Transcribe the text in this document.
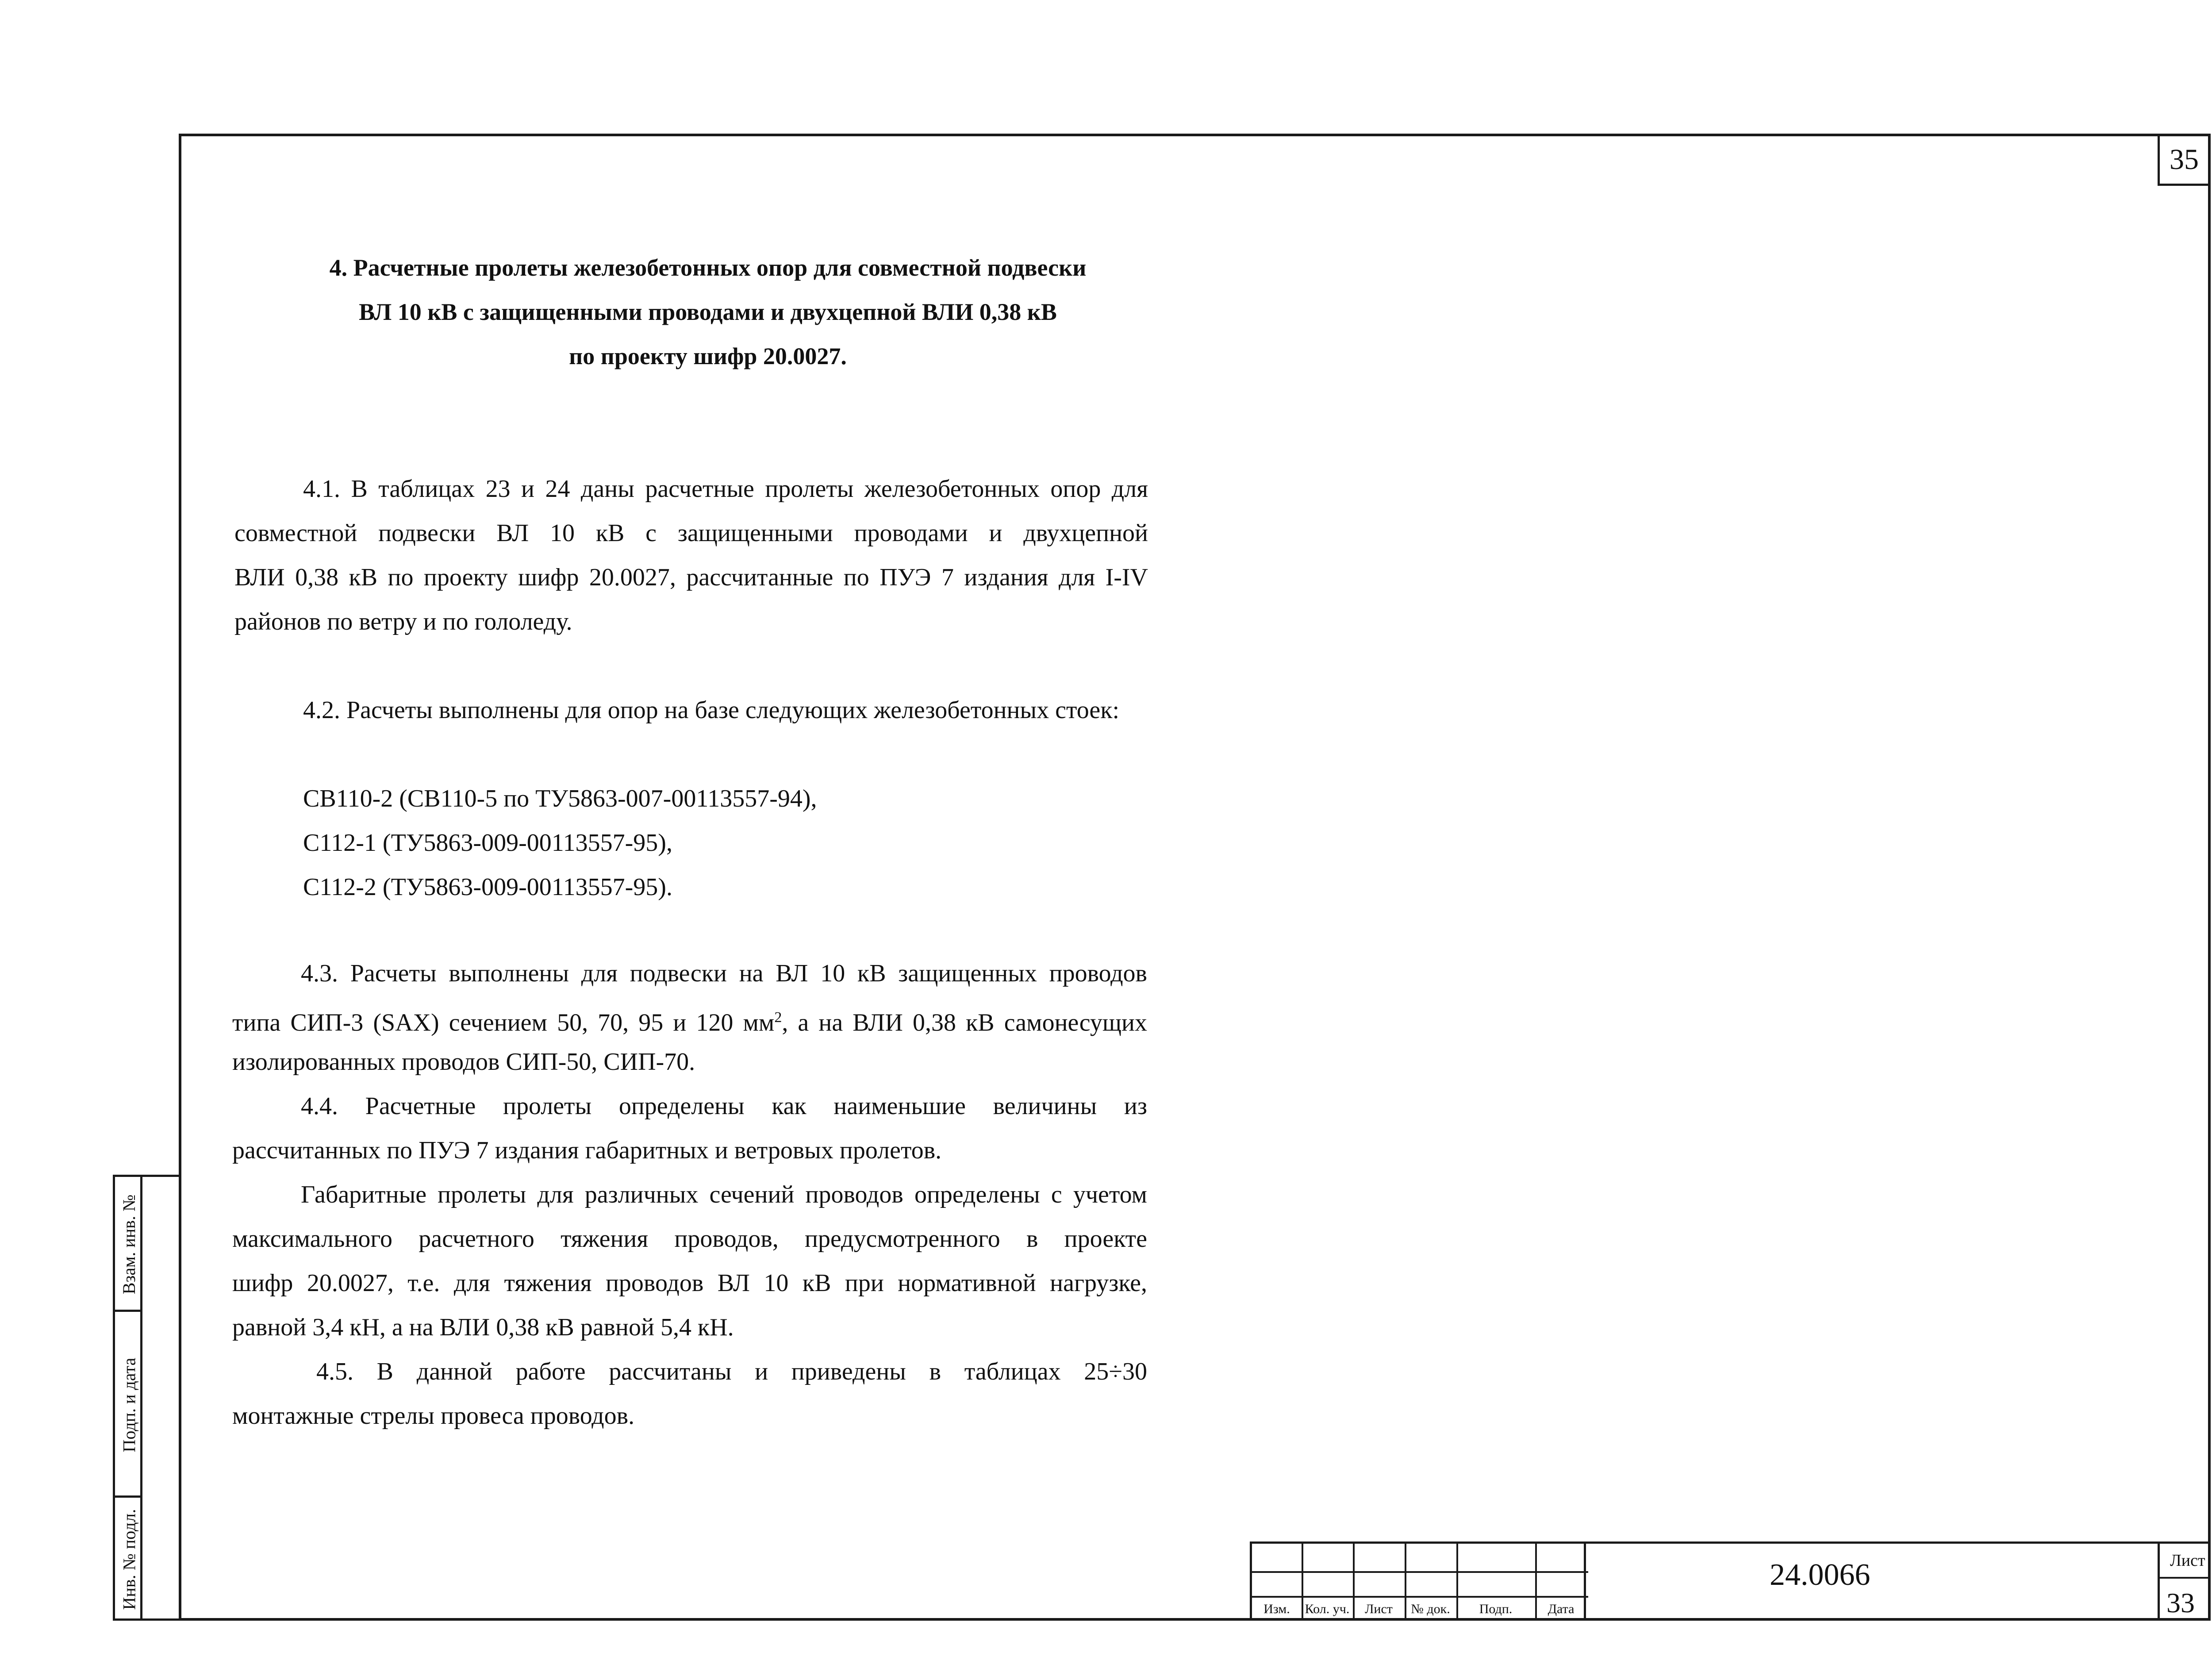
35
4. Расчетные пролеты железобетонных опор для совместной подвески
ВЛ 10 кВ с защищенными проводами и двухцепной ВЛИ 0,38 кВ
по проекту шифр 20.0027.
4.1. В таблицах 23 и 24 даны расчетные пролеты железобетонных опор для
совместной подвески ВЛ 10 кВ с защищенными проводами и двухцепной
ВЛИ 0,38 кВ по проекту шифр 20.0027, рассчитанные по ПУЭ 7 издания для I-IV
районов по ветру и по гололеду.
4.2. Расчеты выполнены для опор на базе следующих железобетонных стоек:
СВ110-2 (СВ110-5 по ТУ5863-007-00113557-94),
С112-1 (ТУ5863-009-00113557-95),
С112-2 (ТУ5863-009-00113557-95).
4.3. Расчеты выполнены для подвески на ВЛ 10 кВ защищенных проводов
типа СИП-3 (SAX) сечением 50, 70, 95 и 120 $мм^2$, а на ВЛИ 0,38 кВ самонесущих
изолированных проводов СИП-50, СИП-70.
4.4. Расчетные пролеты определены как наименьшие величины из
рассчитанных по ПУЭ 7 издания габаритных и ветровых пролетов.
Габаритные пролеты для различных сечений проводов определены с учетом
максимального расчетного тяжения проводов, предусмотренного в проекте
шифр 20.0027, т.е. для тяжения проводов ВЛ 10 кВ при нормативной нагрузке,
равной 3,4 кН, а на ВЛИ 0,38 кВ равной 5,4 кН.
4.5. В данной работе рассчитаны и приведены в таблицах 25÷30
монтажные стрелы провеса проводов.
Взам. инв. №
Подп. и дата
Инв. № подл.	Изм.	Кол. уч.	Лист	№ док.	Подп.	Дата
24.0066	Лист
33
